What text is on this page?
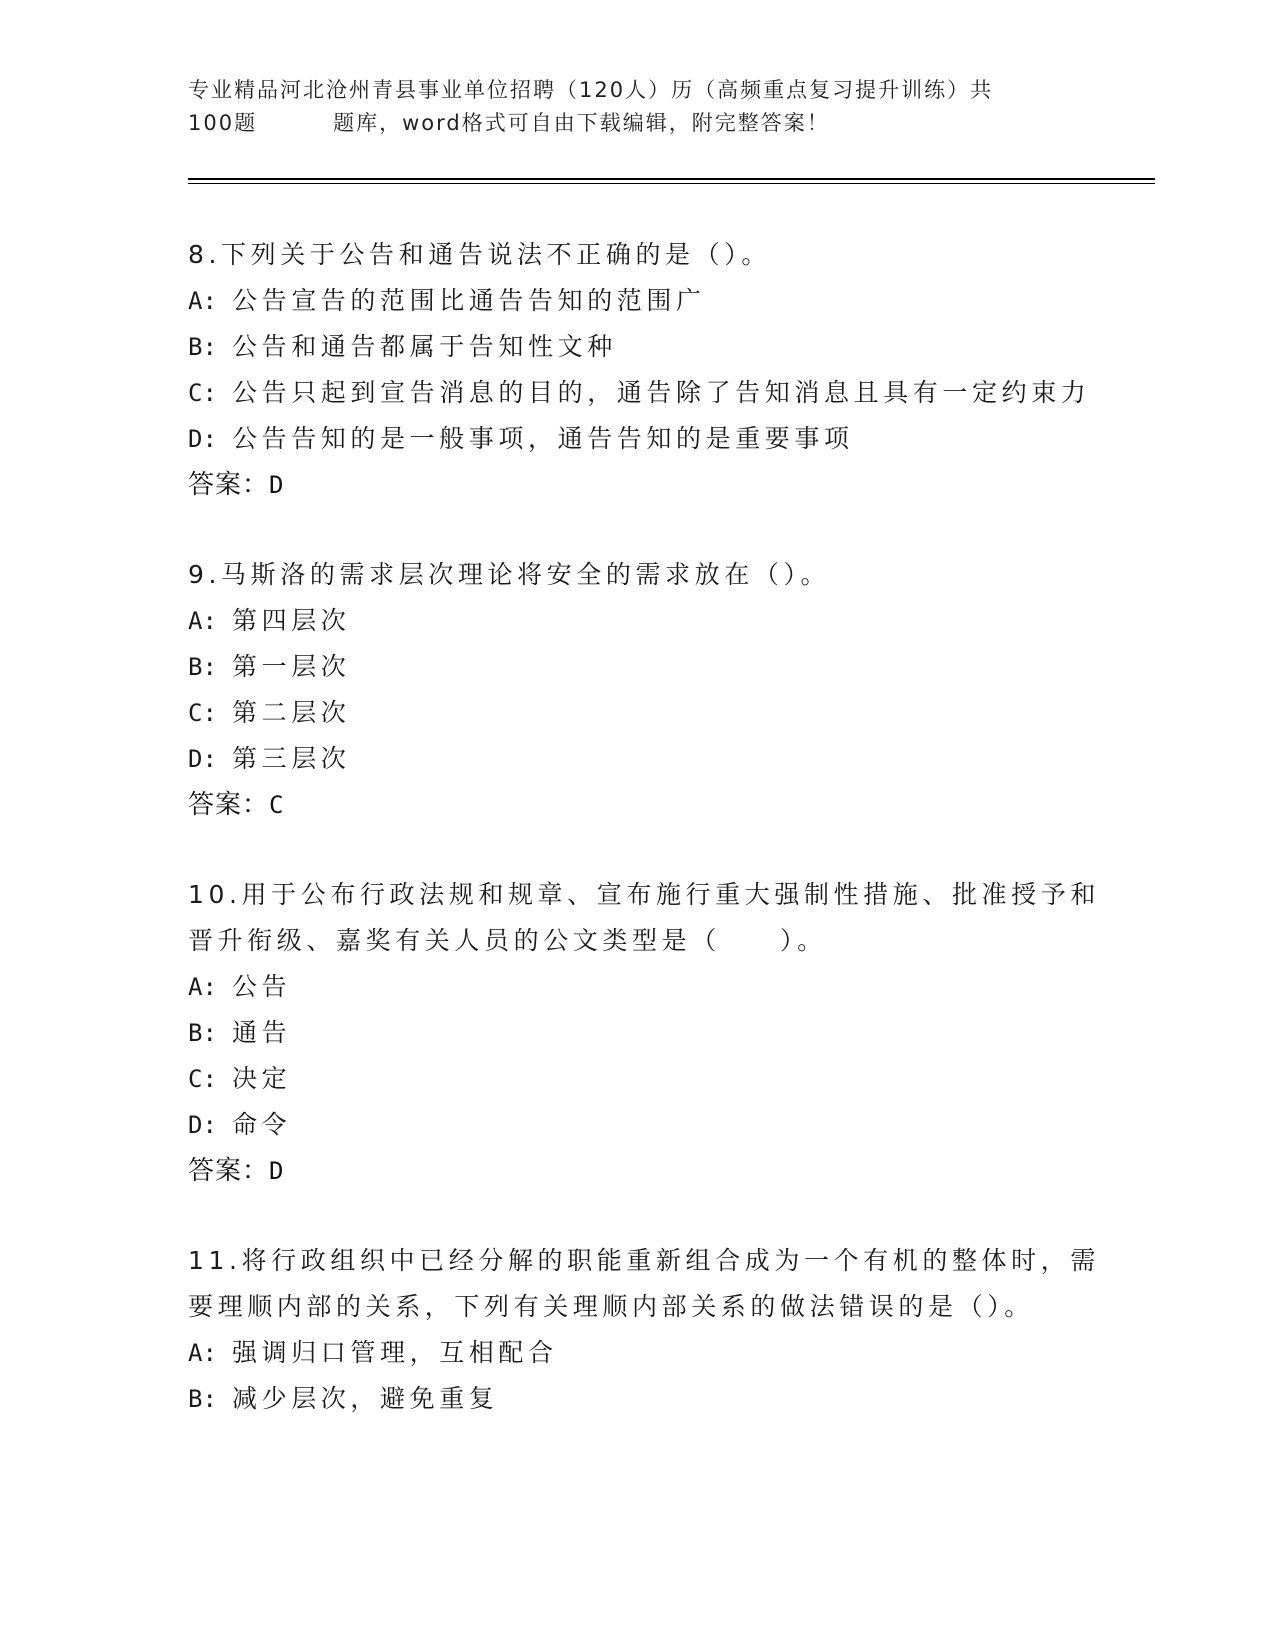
专业精品河北沧州青县事业单位招聘（120人）历（高频重点复习提升训练）共
100题	题库，word格式可自由下载编辑，附完整答案！
8.下列关于公告和通告说法不正确的是（）。
A: 公告宣告的范围比通告告知的范围广
B: 公告和通告都属于告知性文种
C: 公告只起到宣告消息的目的，通告除了告知消息且具有一定约束力
D: 公告告知的是一般事项，通告告知的是重要事项
答案：D
9.马斯洛的需求层次理论将安全的需求放在（）。
A: 第四层次
B: 第一层次
C: 第二层次
D: 第三层次
答案：C
10.用于公布行政法规和规章、宣布施行重大强制性措施、批准授予和
晋升衔级、嘉奖有关人员的公文类型是（　　）。
A: 公告
B: 通告
C: 决定
D: 命令
答案：D
11.将行政组织中已经分解的职能重新组合成为一个有机的整体时，需
要理顺内部的关系，下列有关理顺内部关系的做法错误的是（）。
A: 强调归口管理，互相配合
B: 减少层次，避免重复
